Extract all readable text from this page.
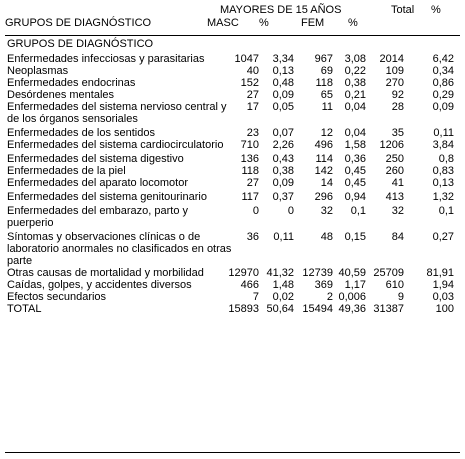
MAYORES DE 15 AÑOS	Total %
GRUPOS DE DIAGNÓSTICO	MASC %	FEM %
GRUPOS DE DIAGNÓSTICO
Enfermedades infecciosas y parasitarias	1047 3,34 967 3,08 2014	6,42
Neoplasmas	40 0,13 69 0,22 109	0,34
Enfermedades endocrinas	152 0,48 118 0,38 270	0,86
Desórdenes mentales	27 0,09 65 0,21 92	0,29
Enfermedades del sistema nervioso central y de los órganos sensoriales
17 0,05	11 0,04 28	0,09
Enfermedades de los sentidos	23 0,07 12 0,04 35	0,11
Enfermedades del sistema cardiocirculatorio	710 2,26 496 1,58 1206	3,84
Enfermedades del sistema digestivo	136 0,43 114 0,36 250	0,8
Enfermedades de la piel	118 0,38 142 0,45 260	0,83
Enfermedades del aparato locomotor	27 0,09 14 0,45 41	0,13
Enfermedades del sistema genitourinario	117 0,37 296 0,94 413	1,32
Enfermedades del embarazo, parto y puerperio
0	0 32 0,1 32	0,1
Síntomas y observaciones clínicas o de laboratorio anormales no clasificados en otras parte
36 0,11 48 0,15 84	0,27
Otras causas de mortalidad y morbilidad	12970 41,32 12739 40,59 25709 81,91
Caídas, golpes, y accidentes diversos	466 1,48 369 1,17 610	1,94
Efectos secundarios	7 0,02	2 0,006	9	0,03
TOTAL	15893 50,64 15494 49,36 31387	100
